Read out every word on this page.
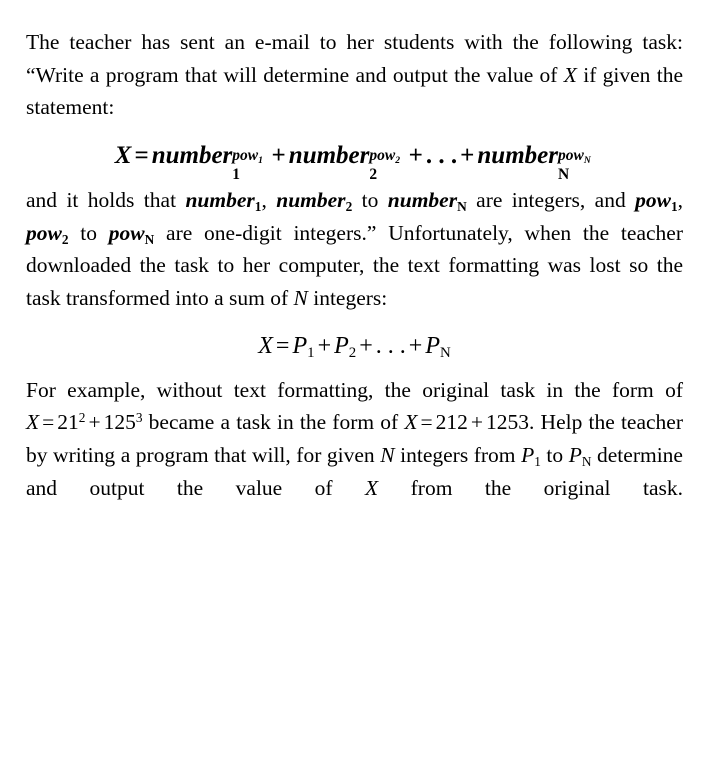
The teacher has sent an e-mail to her students with the following task: “Write a program that will determine and output the value of X if given the statement:

X = number pow$_1$
1
+ number pow$_2$
2
+ . . . + number pow$_N$
N

and it holds that number$_1$, number$_2$ to number$_N$ are integers, and pow$_1$, pow$_2$ to pow$_N$ are one-digit integers.” Unfortunately, when the teacher downloaded the task to her computer, the text formatting was lost so the task transformed into a sum of N integers:

$X = P_1 + P_2$ + . . . + $P_N$

For example, without text formatting, the original task in the form of $X = 21^2 + 125^3$ became a task in the form of X = 212 + 1253. Help the teacher by writing a program that will, for given N integers from $P_1$ to $P_N$ determine and output the value of X from the original task.
